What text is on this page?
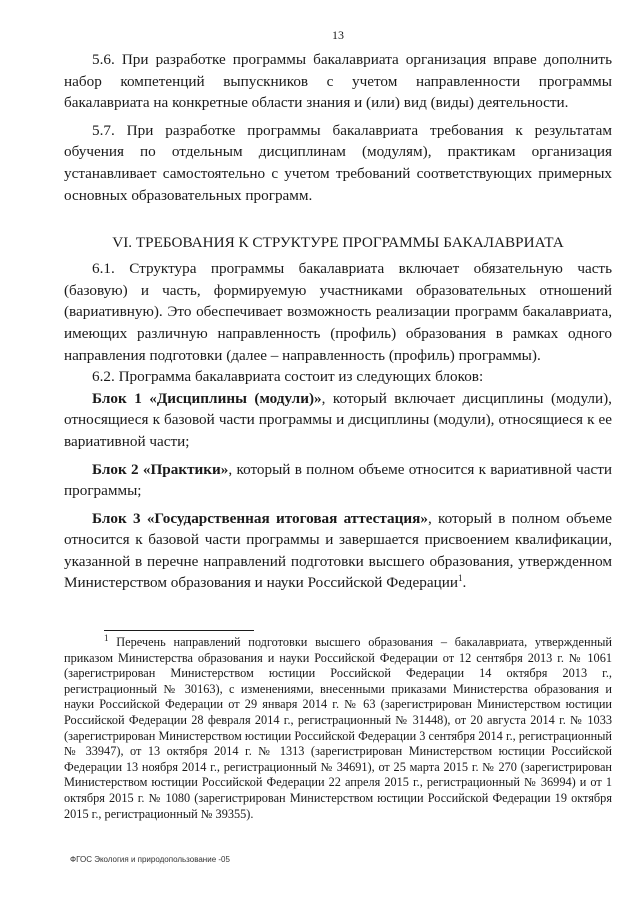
13

5.6. При разработке программы бакалавриата организация вправе дополнить набор компетенций выпускников с учетом направленности программы бакалавриата на конкретные области знания и (или) вид (виды) деятельности.

5.7. При разработке программы бакалавриата требования к результатам обучения по отдельным дисциплинам (модулям), практикам организация устанавливает самостоятельно с учетом требований соответствующих примерных основных образовательных программ.

VI. ТРЕБОВАНИЯ К СТРУКТУРЕ ПРОГРАММЫ БАКАЛАВРИАТА

6.1. Структура программы бакалавриата включает обязательную часть (базовую) и часть, формируемую участниками образовательных отношений (вариативную). Это обеспечивает возможность реализации программ бакалавриата, имеющих различную направленность (профиль) образования в рамках одного направления подготовки (далее – направленность (профиль) программы).

6.2. Программа бакалавриата состоит из следующих блоков:

Блок 1 «Дисциплины (модули)», который включает дисциплины (модули), относящиеся к базовой части программы и дисциплины (модули), относящиеся к ее вариативной части;

Блок 2 «Практики», который в полном объеме относится к вариативной части программы;

Блок 3 «Государственная итоговая аттестация», который в полном объеме относится к базовой части программы и завершается присвоением квалификации, указанной в перечне направлений подготовки высшего образования, утвержденном Министерством образования и науки Российской Федерации$^1$.

$^1$ Перечень направлений подготовки высшего образования – бакалавриата, утвержденный приказом Министерства образования и науки Российской Федерации от 12 сентября 2013 г. № 1061 (зарегистрирован Министерством юстиции Российской Федерации 14 октября 2013 г., регистрационный № 30163), с изменениями, внесенными приказами Министерства образования и науки Российской Федерации от 29 января 2014 г. № 63 (зарегистрирован Министерством юстиции Российской Федерации 28 февраля 2014 г., регистрационный № 31448), от 20 августа 2014 г. № 1033 (зарегистрирован Министерством юстиции Российской Федерации 3 сентября 2014 г., регистрационный № 33947), от 13 октября 2014 г. № 1313 (зарегистрирован Министерством юстиции Российской Федерации 13 ноября 2014 г., регистрационный № 34691), от 25 марта 2015 г. № 270 (зарегистрирован Министерством юстиции Российской Федерации 22 апреля 2015 г., регистрационный № 36994) и от 1 октября 2015 г. № 1080 (зарегистрирован Министерством юстиции Российской Федерации 19 октября 2015 г., регистрационный № 39355).

ФГОС Экология и природопользование -05
